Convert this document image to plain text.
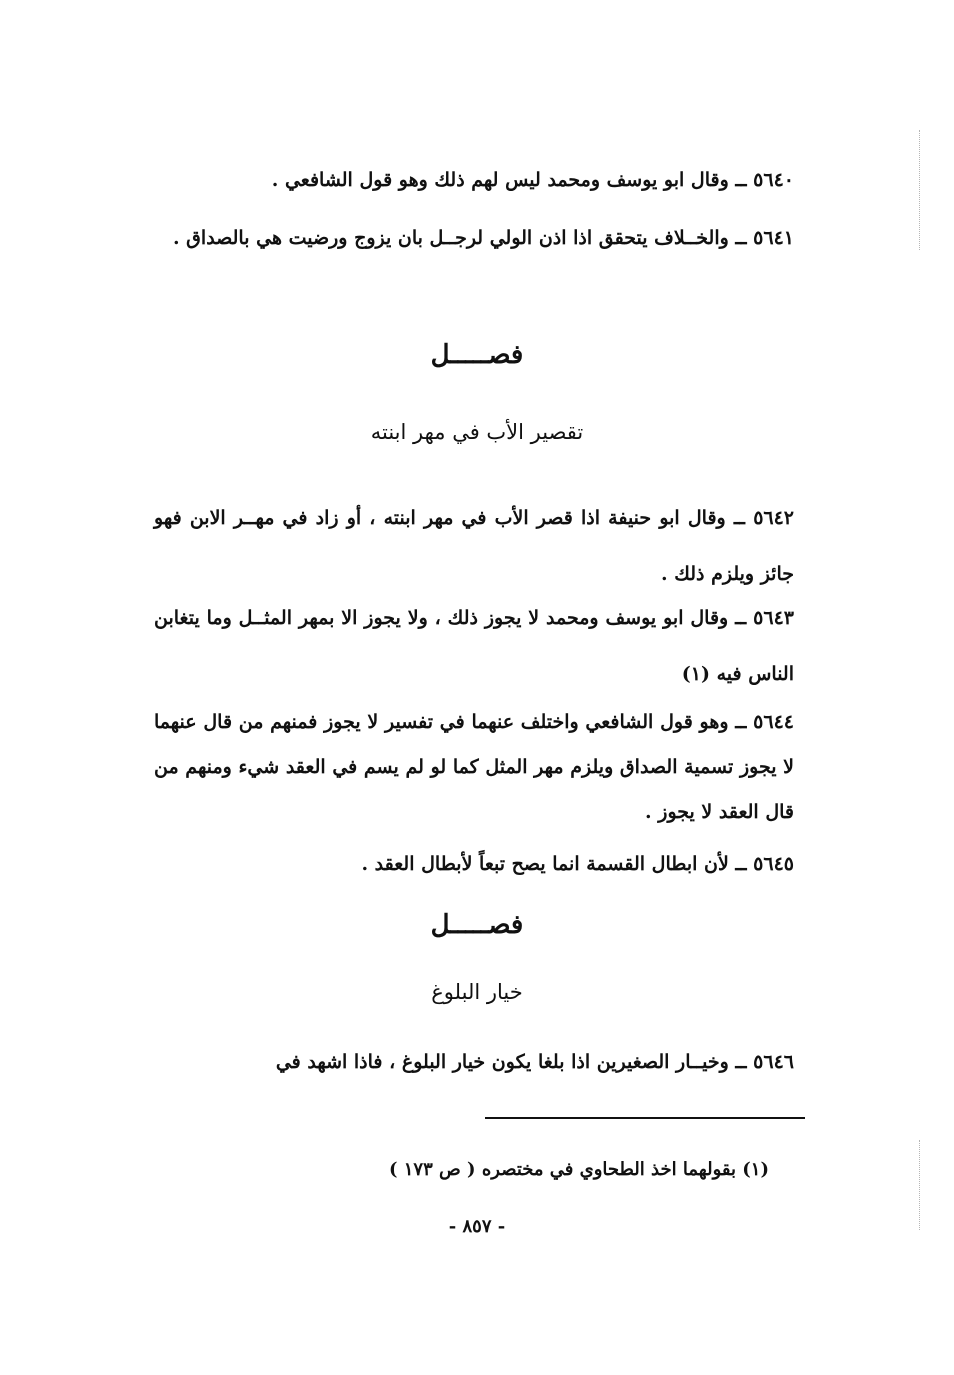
٥٦٤٠ ــ وقال ابو يوسف ومحمد ليس لهم ذلك وهو قول الشافعي .
٥٦٤١ ــ والخــلاف يتحقق اذا اذن الولي لرجــل بان يزوج ورضيت هي بالصداق .
فصـــــل
تقصير الأب في مهر ابنته
٥٦٤٢ ــ وقال ابو حنيفة اذا قصر الأب في مهر ابنته ، أو زاد في مهــر الابن فهو جائز ويلزم ذلك .
٥٦٤٣ ــ وقال ابو يوسف ومحمد لا يجوز ذلك ، ولا يجوز الا بمهر المثــل وما يتغابن الناس فيه (١)
٥٦٤٤ ــ وهو قول الشافعي واختلف عنهما في تفسير لا يجوز فمنهم من قال عنهما لا يجوز تسمية الصداق ويلزم مهر المثل كما لو لم يسم في العقد شيء ومنهم من قال العقد لا يجوز .
٥٦٤٥ ــ لأن ابطال القسمة انما يصح تبعاً لأبطال العقد .
فصـــــل
خيار البلوغ
٥٦٤٦ ــ وخيــار الصغيرين اذا بلغا يكون خيار البلوغ ، فاذا اشهد في
(١) بقولهما اخذ الطحاوي في مختصره ( ص ١٧٣ )
- ٨٥٧ -
